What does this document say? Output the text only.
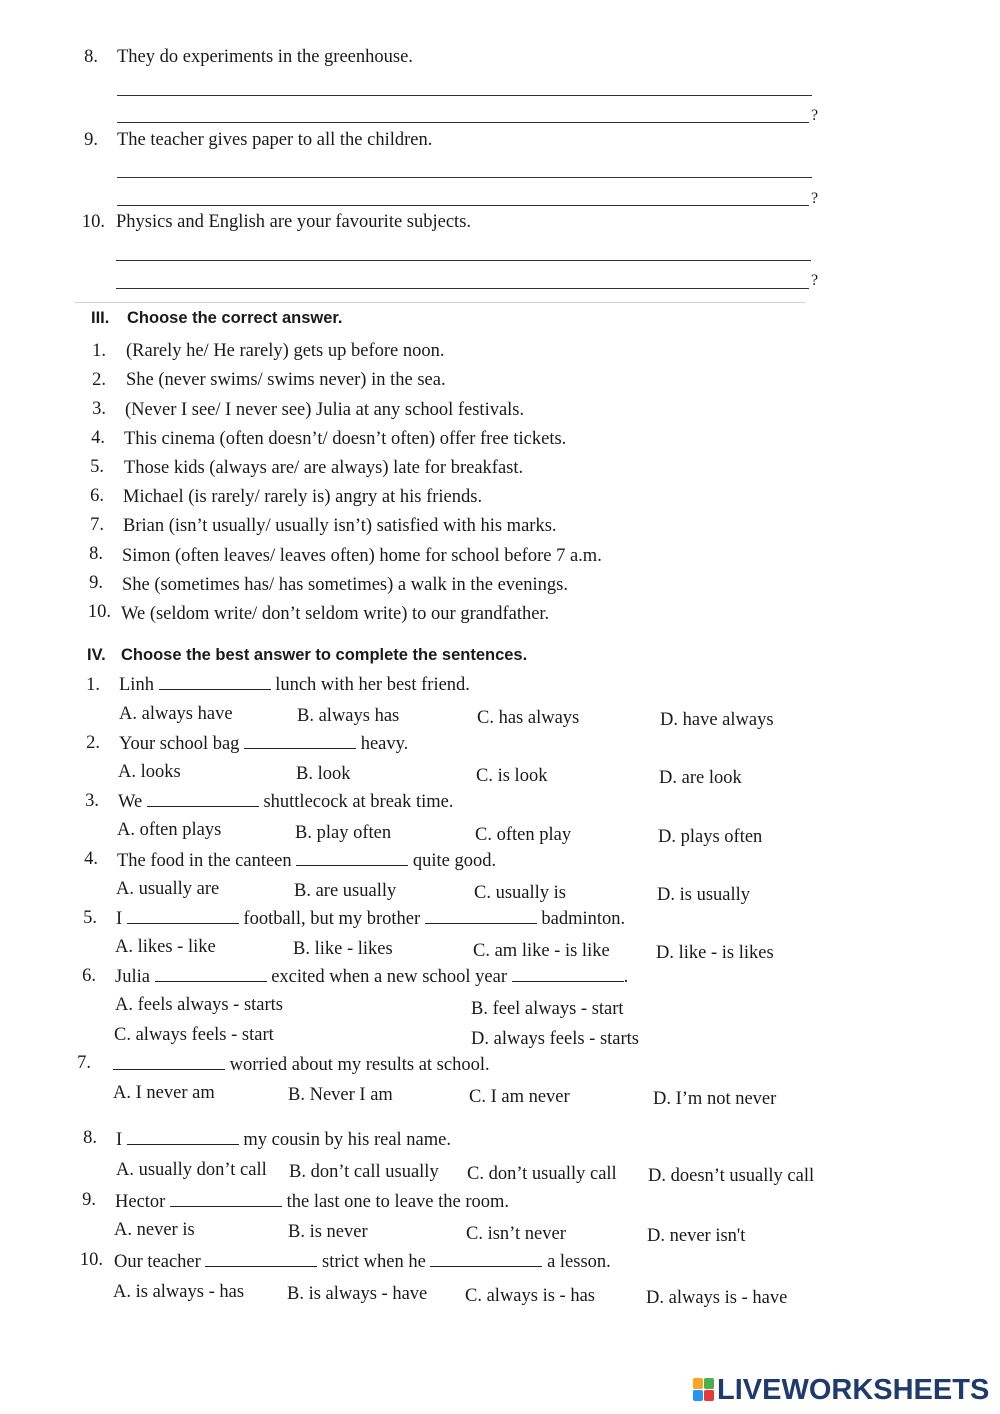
8. They do experiments in the greenhouse.
?
9. The teacher gives paper to all the children.
?
10. Physics and English are your favourite subjects.
?
III. Choose the correct answer.
1. (Rarely he/ He rarely) gets up before noon.
2. She (never swims/ swims never) in the sea.
3. (Never I see/ I never see) Julia at any school festivals.
4. This cinema (often doesn’t/ doesn’t often) offer free tickets.
5. Those kids (always are/ are always) late for breakfast.
6. Michael (is rarely/ rarely is) angry at his friends.
7. Brian (isn’t usually/ usually isn’t) satisfied with his marks.
8. Simon (often leaves/ leaves often) home for school before 7 a.m.
9. She (sometimes has/ has sometimes) a walk in the evenings.
10. We (seldom write/ don’t seldom write) to our grandfather.
IV. Choose the best answer to complete the sentences.
1. Linh	lunch with her best friend.
A. always have	B. always has	C. has always	D. have always
2. Your school bag	heavy.
A. looks	B. look	C. is look	D. are look
3. We	shuttlecock at break time.
A. often plays	B. play often	C. often play	D. plays often
4. The food in the canteen	quite good.
A. usually are	B. are usually	C. usually is	D. is usually
5. I	football, but my brother	badminton.
A. likes - like	B. like - likes	C. am like - is like	D. like - is likes
6. Julia	excited when a new school year	.
A. feels always - starts	B. feel always - start
C. always feels - start	D. always feels - starts
7.	worried about my results at school.
A. I never am	B. Never I am	C. I am never	D. I’m not never
8. I	my cousin by his real name.
A. usually don’t call B. don’t call usually C. don’t usually call D. doesn’t usually call
9. Hector	the last one to leave the room.
A. never is	B. is never	C. isn’t never	D. never isn't
10. Our teacher	strict when he	a lesson.
A. is always - has B. is always - have C. always is - has	D. always is - have
LIVEWORKSHEETS
